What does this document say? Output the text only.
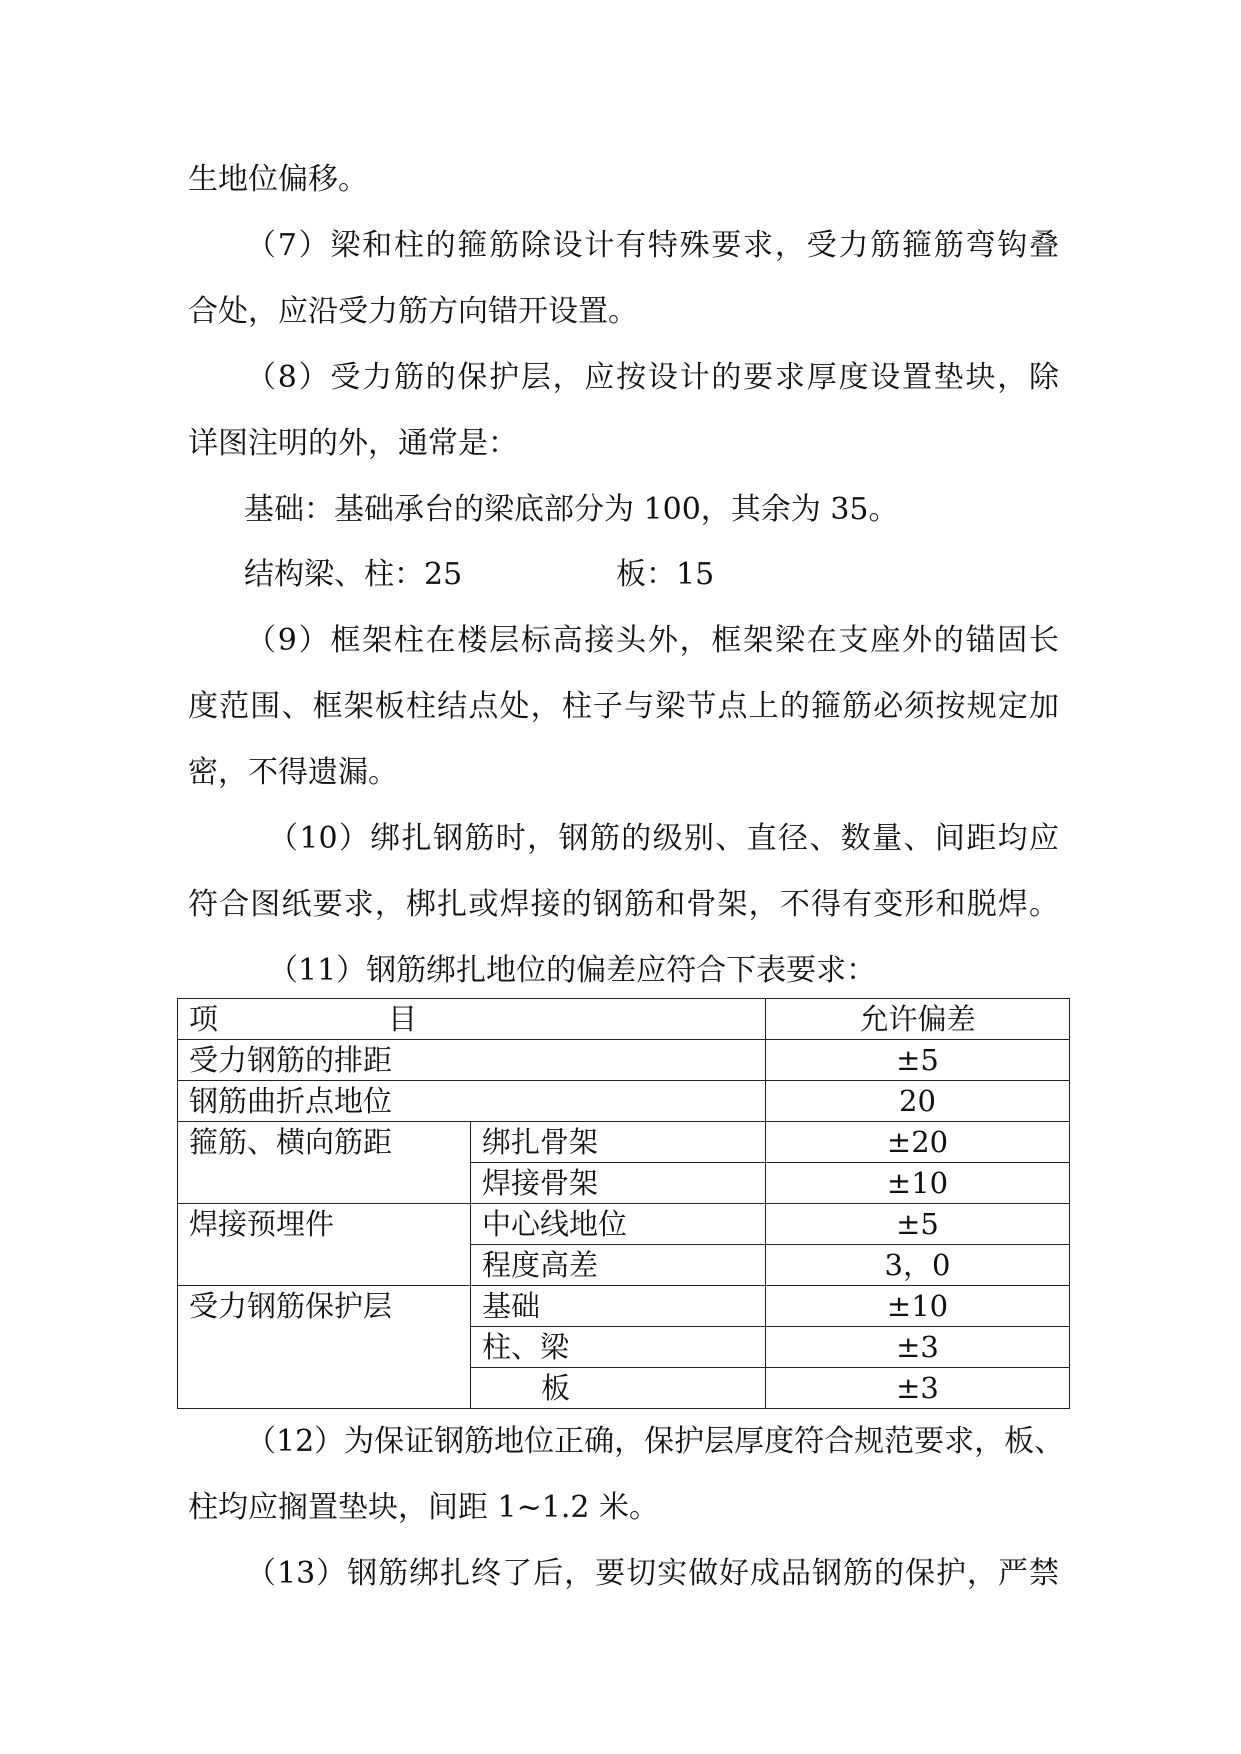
生地位偏移。
（7）梁和柱的箍筋除设计有特殊要求，受力筋箍筋弯钩叠
合处，应沿受力筋方向错开设置。
（8）受力筋的保护层，应按设计的要求厚度设置垫块，除
详图注明的外，通常是：
基础：基础承台的梁底部分为 100，其余为 35。
结构梁、柱：25	板：15
（9）框架柱在楼层标高接头外，框架梁在支座外的锚固长
度范围、框架板柱结点处，柱子与梁节点上的箍筋必须按规定加
密，不得遗漏。
（10）绑扎钢筋时，钢筋的级别、直径、数量、间距均应
符合图纸要求，梆扎或焊接的钢筋和骨架，不得有变形和脱焊。
（11）钢筋绑扎地位的偏差应符合下表要求：
项 目		允许偏差
受力钢筋的排距		±5
钢筋曲折点地位		20
箍筋、横向筋距	绑扎骨架	±20
	焊接骨架	±10
焊接预埋件	中心线地位	±5
	程度高差	3，0
受力钢筋保护层	基础	±10
	柱、梁	±3
	板	±3
（12）为保证钢筋地位正确，保护层厚度符合规范要求，板、
柱均应搁置垫块，间距 1~1.2 米。
（13）钢筋绑扎终了后，要切实做好成品钢筋的保护，严禁
